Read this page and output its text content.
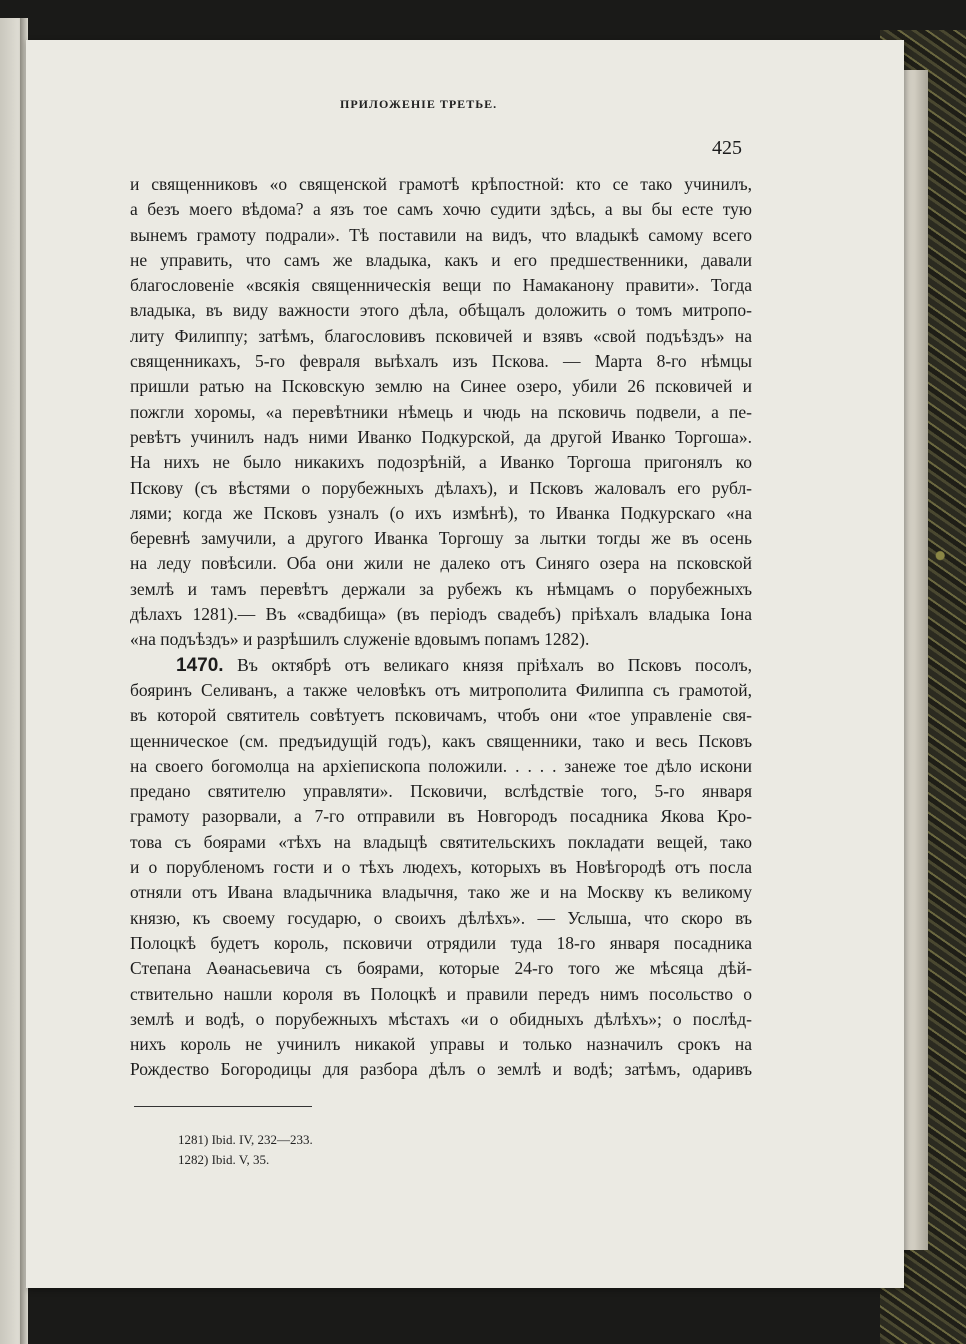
ПРИЛОЖЕНІЕ ТРЕТЬЕ.
425
и священниковъ «о священской грамотѣ крѣпостной: кто се тако учинилъ,
а безъ моего вѣдома? а язъ тое самъ хочю судити здѣсь, а вы бы есте тую
вынемъ грамоту подрали». Тѣ поставили на видъ, что владыкѣ самому всего
не управить, что самъ же владыка, какъ и его предшественники, давали
благословеніе «всякія священническія вещи по Намаканону правити». Тогда
владыка, въ виду важности этого дѣла, обѣщалъ доложить о томъ митропо-
литу Филиппу; затѣмъ, благословивъ псковичей и взявъ «свой подъѣздъ» на
священникахъ, 5-го февраля выѣхалъ изъ Пскова. — Марта 8-го нѣмцы
пришли ратью на Псковскую землю на Синее озеро, убили 26 псковичей и
пожгли хоромы, «а перевѣтники нѣмець и чюдь на псковичь подвели, а пе-
ревѣтъ учинилъ надъ ними Иванко Подкурской, да другой Иванко Торгоша».
На нихъ не было никакихъ подозрѣній, а Иванко Торгоша пригонялъ ко
Пскову (съ вѣстями о порубежныхъ дѣлахъ), и Псковъ жаловалъ его рубл-
лями; когда же Псковъ узналъ (о ихъ измѣнѣ), то Иванка Подкурскаго «на
беревнѣ замучили, а другого Иванка Торгошу за лытки тогды же въ осень
на леду повѣсили. Оба они жили не далеко отъ Синяго озера на псковской
землѣ и тамъ перевѣтъ держали за рубежъ къ нѣмцамъ о порубежныхъ
дѣлахъ 1281).— Въ «свадбища» (въ періодъ свадебъ) пріѣхалъ владыка Іона
«на подъѣздъ» и разрѣшилъ служеніе вдовымъ попамъ 1282).
1470. Въ октябрѣ отъ великаго князя пріѣхалъ во Псковъ посолъ,
бояринъ Селиванъ, а также человѣкъ отъ митрополита Филиппа съ грамотой,
въ которой святитель совѣтуетъ псковичамъ, чтобъ они «тое управленіе свя-
щенническое (см. предъидущій годъ), какъ священники, тако и весь Псковъ
на своего богомолца на архіепископа положили. . . . . занеже тое дѣло искони
предано святителю управляти». Псковичи, вслѣдствіе того, 5-го января
грамоту разорвали, а 7-го отправили въ Новгородъ посадника Якова Кро-
това съ боярами «тѣхъ на владыцѣ святительскихъ покладати вещей, тако
и о порубленомъ гости и о тѣхъ людехъ, которыхъ въ Новѣгородѣ отъ посла
отняли отъ Ивана владычника владычня, тако же и на Москву къ великому
князю, къ своему государю, о своихъ дѣлѣхъ». — Услыша, что скоро въ
Полоцкѣ будетъ король, псковичи отрядили туда 18-го января посадника
Степана Аѳанасьевича съ боярами, которые 24-го того же мѣсяца дѣй-
ствительно нашли короля въ Полоцкѣ и правили передъ нимъ посольство о
землѣ и водѣ, о порубежныхъ мѣстахъ «и о обидныхъ дѣлѣхъ»; о послѣд-
нихъ король не учинилъ никакой управы и только назначилъ срокъ на
Рождество Богородицы для разбора дѣлъ о землѣ и водѣ; затѣмъ, одаривъ
1281) Ibid. IV, 232—233.
1282) Ibid. V, 35.
